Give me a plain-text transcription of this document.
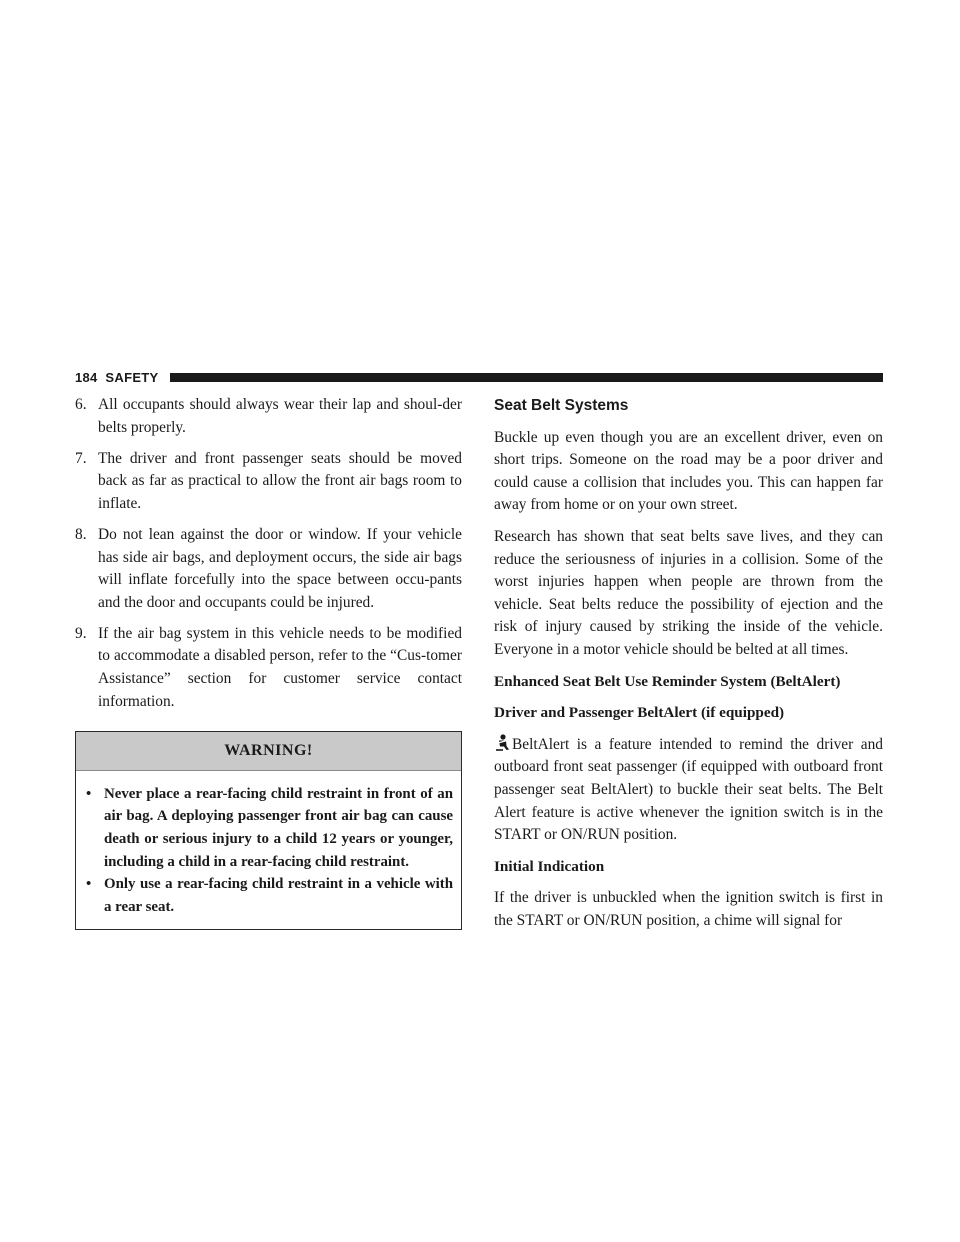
184 SAFETY
6. All occupants should always wear their lap and shoul-der belts properly.
7. The driver and front passenger seats should be moved back as far as practical to allow the front air bags room to inflate.
8. Do not lean against the door or window. If your vehicle has side air bags, and deployment occurs, the side air bags will inflate forcefully into the space between occu-pants and the door and occupants could be injured.
9. If the air bag system in this vehicle needs to be modified to accommodate a disabled person, refer to the “Cus-tomer Assistance” section for customer service contact information.
WARNING!
• Never place a rear-facing child restraint in front of an air bag. A deploying passenger front air bag can cause death or serious injury to a child 12 years or younger, including a child in a rear-facing child restraint.
• Only use a rear-facing child restraint in a vehicle with a rear seat.
Seat Belt Systems

Buckle up even though you are an excellent driver, even on short trips. Someone on the road may be a poor driver and could cause a collision that includes you. This can happen far away from home or on your own street.

Research has shown that seat belts save lives, and they can reduce the seriousness of injuries in a collision. Some of the worst injuries happen when people are thrown from the vehicle. Seat belts reduce the possibility of ejection and the risk of injury caused by striking the inside of the vehicle. Everyone in a motor vehicle should be belted at all times.

Enhanced Seat Belt Use Reminder System (BeltAlert)

Driver and Passenger BeltAlert (if equipped)

BeltAlert is a feature intended to remind the driver and outboard front seat passenger (if equipped with outboard front passenger seat BeltAlert) to buckle their seat belts. The Belt Alert feature is active whenever the ignition switch is in the START or ON/RUN position.

Initial Indication

If the driver is unbuckled when the ignition switch is first in the START or ON/RUN position, a chime will signal for
